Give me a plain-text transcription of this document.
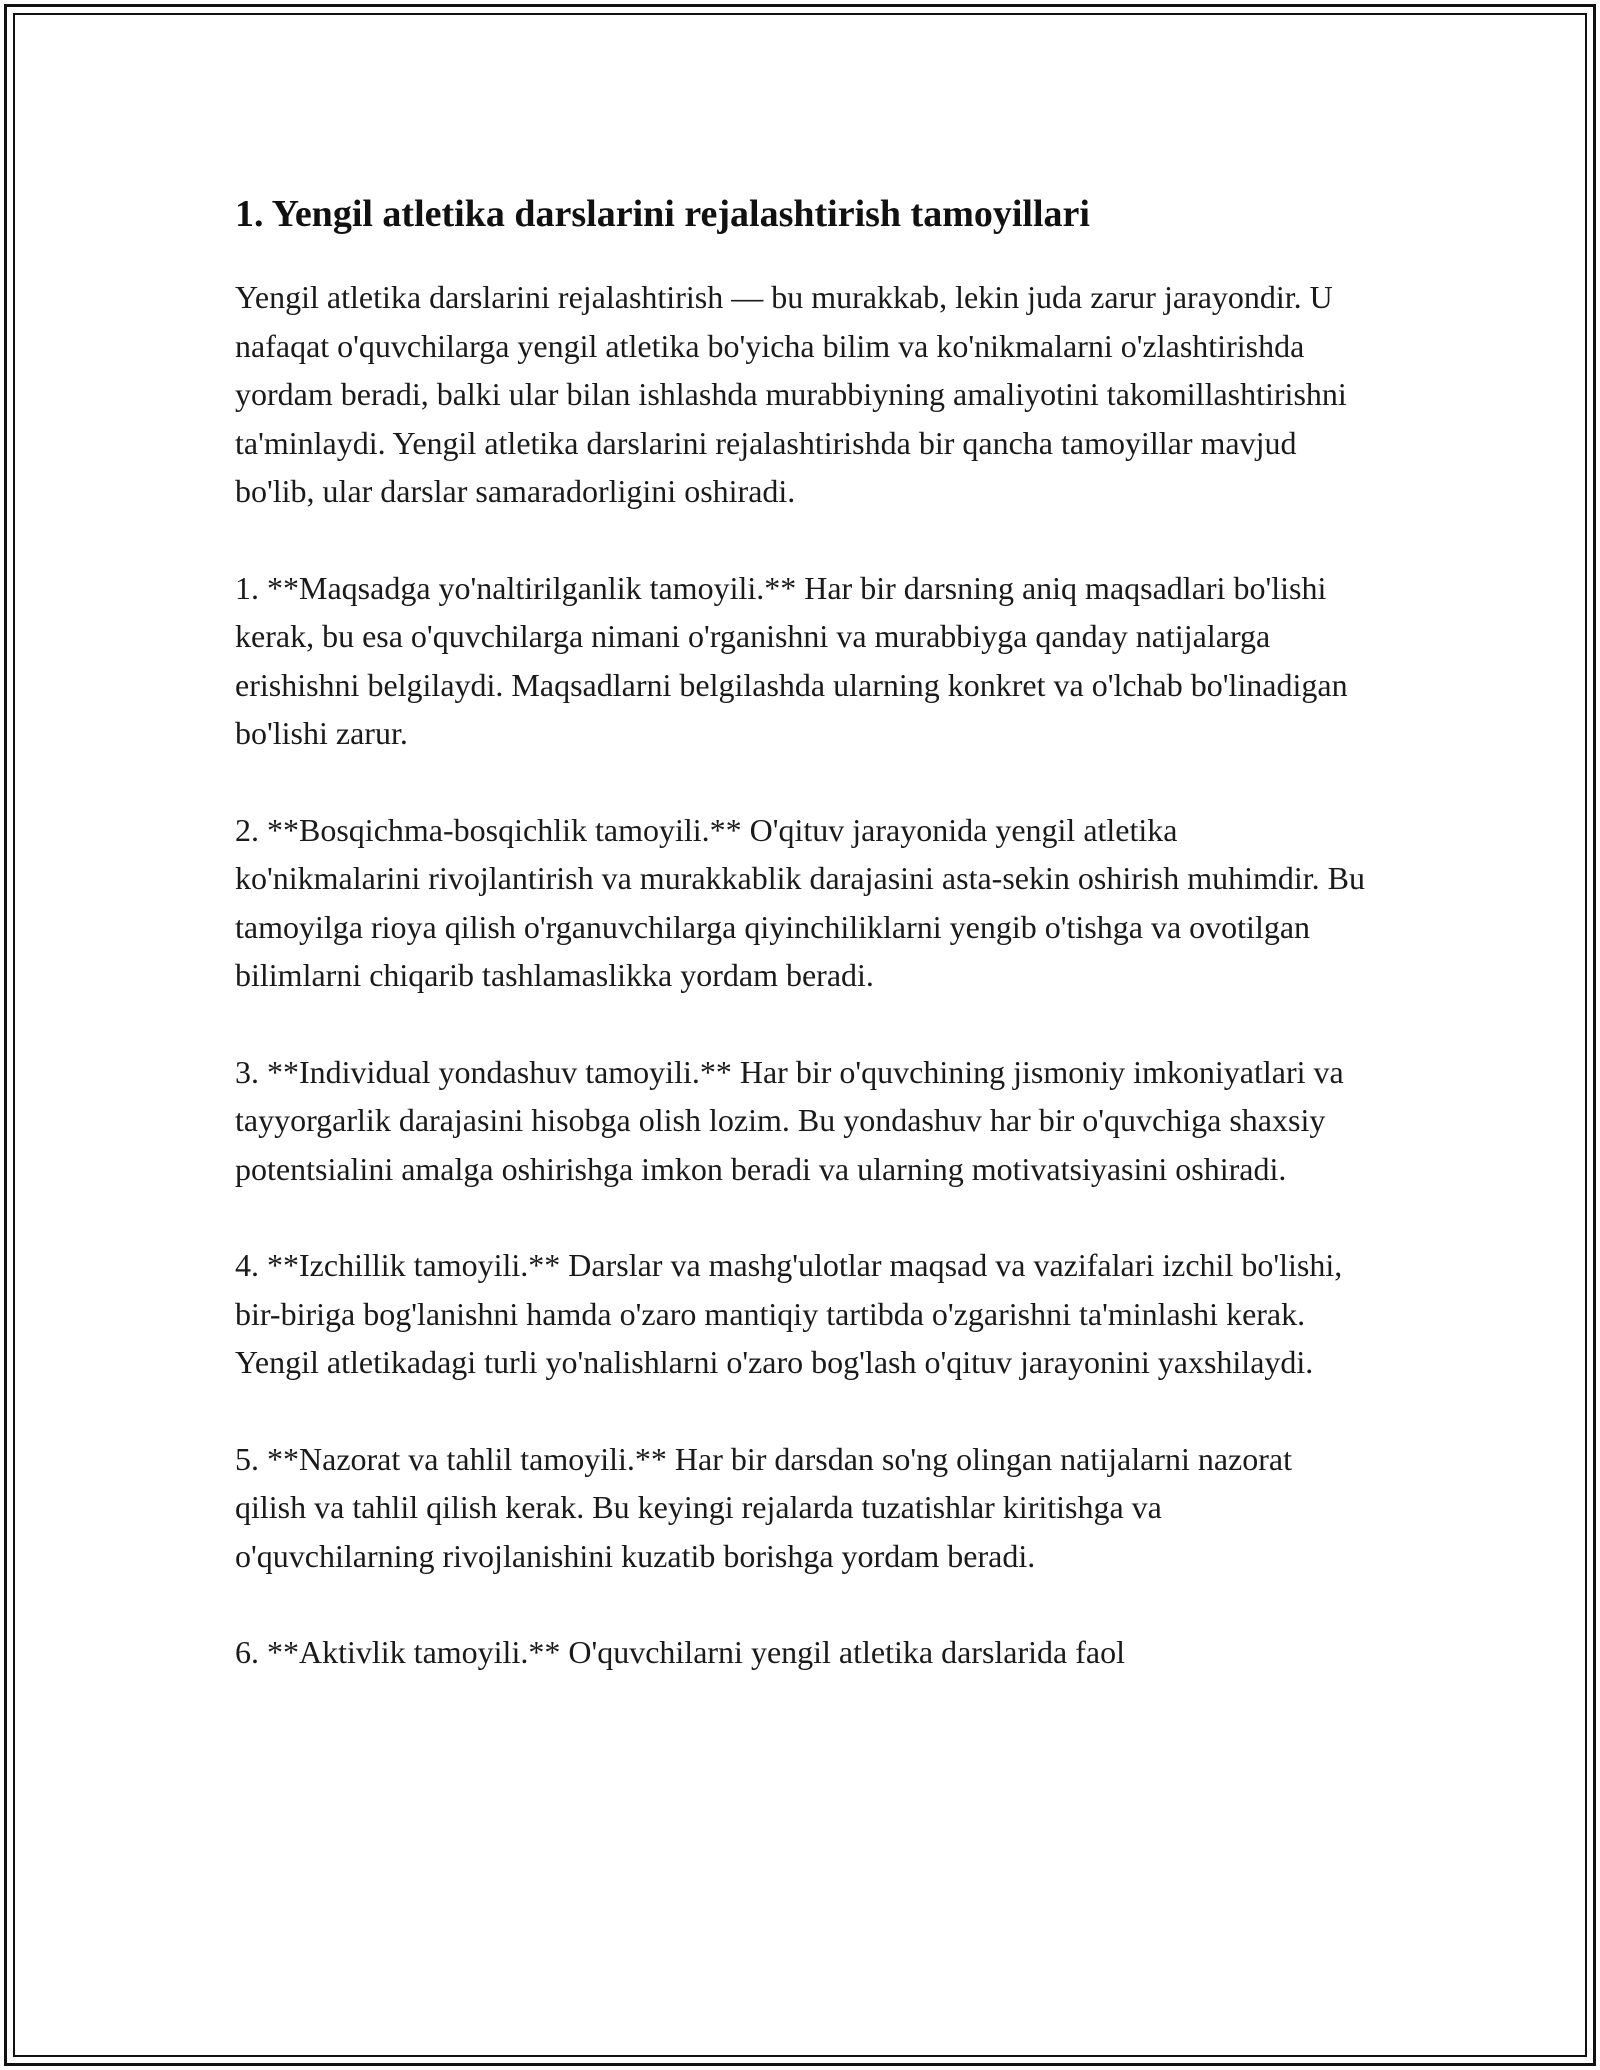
1. Yengil atletika darslarini rejalashtirish tamoyillari

Yengil atletika darslarini rejalashtirish — bu murakkab, lekin juda zarur jarayondir. U nafaqat o'quvchilarga yengil atletika bo'yicha bilim va ko'nikmalarni o'zlashtirishda yordam beradi, balki ular bilan ishlashda murabbiyning amaliyotini takomillashtirishni ta'minlaydi. Yengil atletika darslarini rejalashtirishda bir qancha tamoyillar mavjud bo'lib, ular darslar samaradorligini oshiradi.

1. **Maqsadga yo'naltirilganlik tamoyili.** Har bir darsning aniq maqsadlari bo'lishi kerak, bu esa o'quvchilarga nimani o'rganishni va murabbiyga qanday natijalarga erishishni belgilaydi. Maqsadlarni belgilashda ularning konkret va o'lchab bo'linadigan bo'lishi zarur.

2. **Bosqichma-bosqichlik tamoyili.** O'qituv jarayonida yengil atletika ko'nikmalarini rivojlantirish va murakkablik darajasini asta-sekin oshirish muhimdir. Bu tamoyilga rioya qilish o'rganuvchilarga qiyinchiliklarni yengib o'tishga va ovotilgan bilimlarni chiqarib tashlamaslikka yordam beradi.

3. **Individual yondashuv tamoyili.** Har bir o'quvchining jismoniy imkoniyatlari va tayyorgarlik darajasini hisobga olish lozim. Bu yondashuv har bir o'quvchiga shaxsiy potentsialini amalga oshirishga imkon beradi va ularning motivatsiyasini oshiradi.

4. **Izchillik tamoyili.** Darslar va mashg'ulotlar maqsad va vazifalari izchil bo'lishi, bir-biriga bog'lanishni hamda o'zaro mantiqiy tartibda o'zgarishni ta'minlashi kerak. Yengil atletikadagi turli yo'nalishlarni o'zaro bog'lash o'qituv jarayonini yaxshilaydi.

5. **Nazorat va tahlil tamoyili.** Har bir darsdan so'ng olingan natijalarni nazorat qilish va tahlil qilish kerak. Bu keyingi rejalarda tuzatishlar kiritishga va o'quvchilarning rivojlanishini kuzatib borishga yordam beradi.

6. **Aktivlik tamoyili.** O'quvchilarni yengil atletika darslarida faol
